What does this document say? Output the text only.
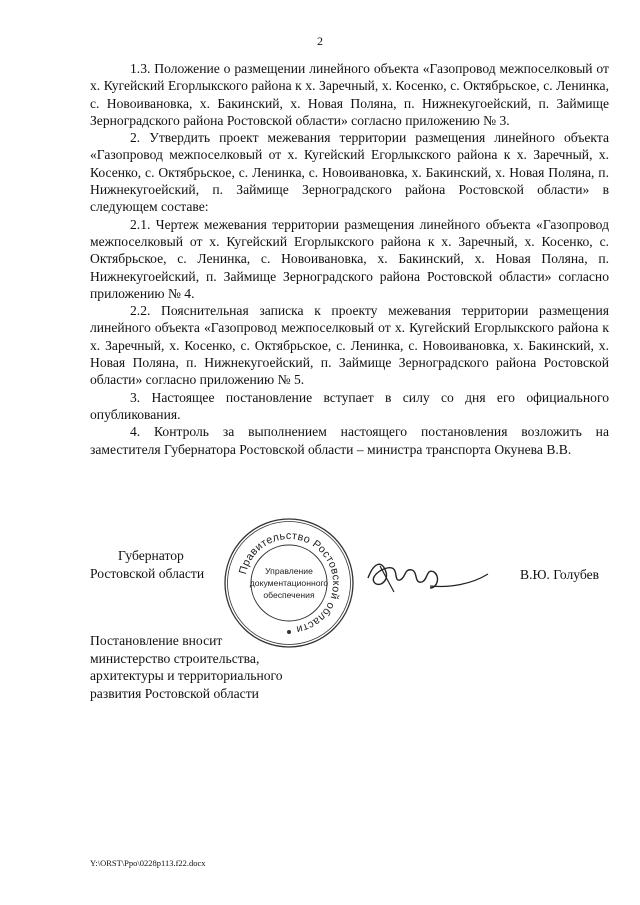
2

1.3. Положение о размещении линейного объекта «Газопровод межпоселковый от х. Кугейский Егорлыкского района к х. Заречный, х. Косенко, с. Октябрьское, с. Ленинка, с. Новоивановка, х. Бакинский, х. Новая Поляна, п. Нижнекугоейский, п. Займище Зерноградского района Ростовской области» согласно приложению № 3.

2. Утвердить проект межевания территории размещения линейного объекта «Газопровод межпоселковый от х. Кугейский Егорлыкского района к х. Заречный, х. Косенко, с. Октябрьское, с. Ленинка, с. Новоивановка, х. Бакинский, х. Новая Поляна, п. Нижнекугоейский, п. Займище Зерноградского района Ростовской области» в следующем составе:

2.1. Чертеж межевания территории размещения линейного объекта «Газопровод межпоселковый от х. Кугейский Егорлыкского района к х. Заречный, х. Косенко, с. Октябрьское, с. Ленинка, с. Новоивановка, х. Бакинский, х. Новая Поляна, п. Нижнекугоейский, п. Займище Зерноградского района Ростовской области» согласно приложению № 4.

2.2. Пояснительная записка к проекту межевания территории размещения линейного объекта «Газопровод межпоселковый от х. Кугейский Егорлыкского района к х. Заречный, х. Косенко, с. Октябрьское, с. Ленинка, с. Новоивановка, х. Бакинский, х. Новая Поляна, п. Нижнекугоейский, п. Займище Зерноградского района Ростовской области» согласно приложению № 5.

3. Настоящее постановление вступает в силу со дня его официального опубликования.

4. Контроль за выполнением настоящего постановления возложить на заместителя Губернатора Ростовской области – министра транспорта Окунева В.В.

Губернатор
Ростовской области	Правительство Ростовской области
Управление
документационного
обеспечения
В.Ю. Голубев
Постановление вносит
министерство строительства,
архитектуры и территориального
развития Ростовской области
Y:\ORST\Ppo\0228p113.f22.docx
